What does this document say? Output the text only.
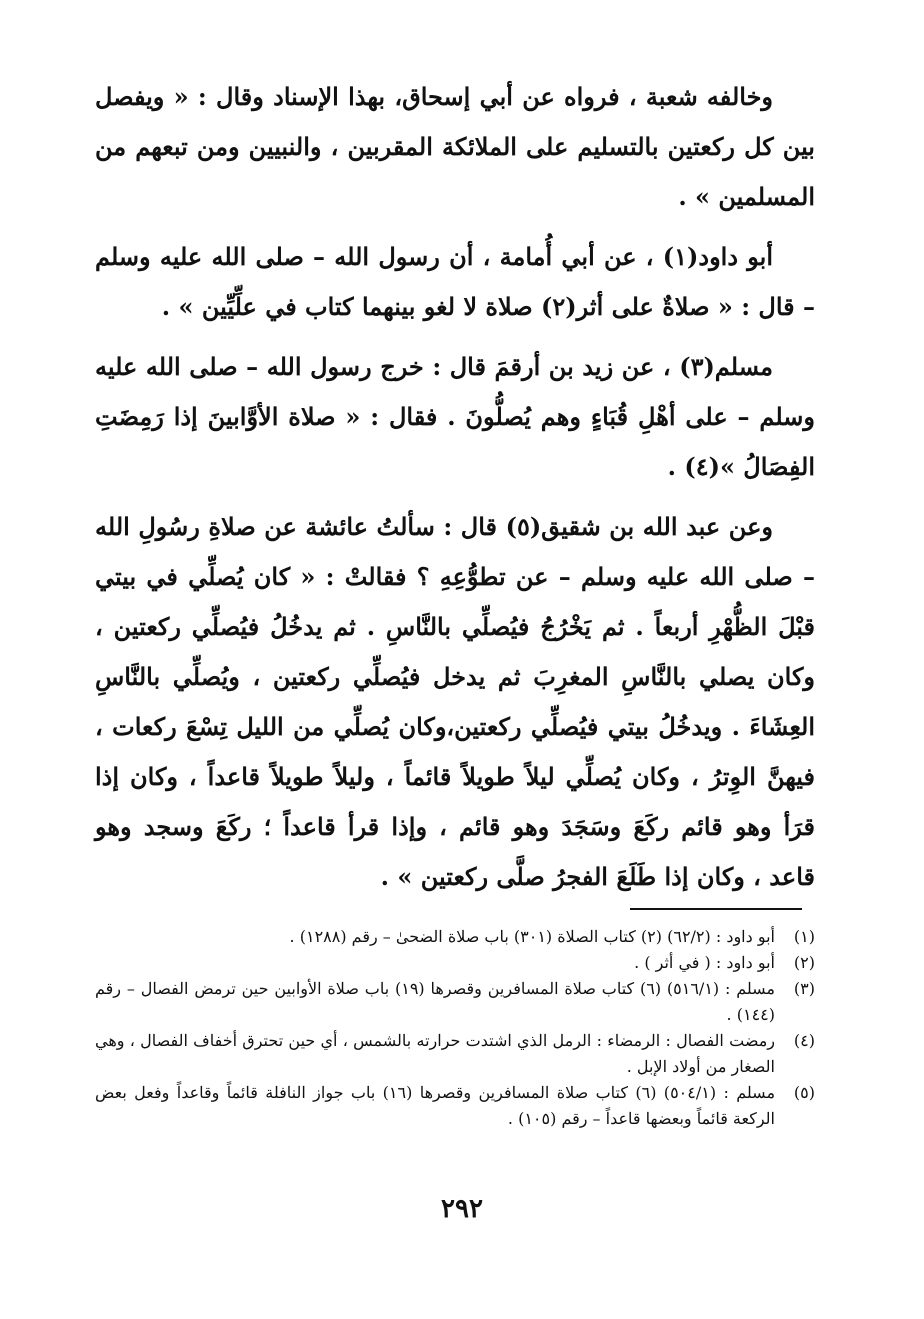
وخالفه شعبة ، فرواه عن أبي إسحاق، بهذا الإسناد وقال : « ويفصل بين كل ركعتين بالتسليم على الملائكة المقربين ، والنبيين ومن تبعهم من المسلمين » .

أبو داود(١) ، عن أبي أُمامة ، أن رسول الله – صلى الله عليه وسلم – قال : « صلاةٌ على أثر(٢) صلاة لا لغو بينهما كتاب في علِّيِّين » .

مسلم(٣) ، عن زيد بن أرقمَ قال : خرج رسول الله – صلى الله عليه وسلم – على أهْلِ قُبَاءٍ وهم يُصلُّونَ . فقال : « صلاة الأوَّابينَ إذا رَمِضَتِ الفِصَالُ »(٤) .

وعن عبد الله بن شقيق(٥) قال : سألتُ عائشة عن صلاةِ رسُولِ الله – صلى الله عليه وسلم – عن تطوُّعِهِ ؟ فقالتْ : « كان يُصلِّي في بيتي قبْلَ الظُّهْرِ أربعاً . ثم يَخْرُجُ فيُصلِّي بالنَّاسِ . ثم يدخُلُ فيُصلِّي ركعتين ، وكان يصلي بالنَّاسِ المغرِبَ ثم يدخل فيُصلِّي ركعتين ، ويُصلِّي بالنَّاسِ العِشَاءَ . ويدخُلُ بيتي فيُصلِّي ركعتين،وكان يُصلِّي من الليل تِسْعَ ركعات ، فيهنَّ الوِترُ ، وكان يُصلِّي ليلاً طويلاً قائماً ، وليلاً طويلاً قاعداً ، وكان إذا قرَأ وهو قائم ركَعَ وسَجَدَ وهو قائم ، وإذا قرأ قاعداً ؛ ركَعَ وسجد وهو قاعد ، وكان إذا طَلَعَ الفجرُ صلَّى ركعتين » .

(١)
أبو داود : (٦٢/٢) (٢) كتاب الصلاة (٣٠١) باب صلاة الضحىٰ – رقم (١٢٨٨) .
(٢)
أبو داود : ( في أثر ) .
(٣)
مسلم : (٥١٦/١) (٦) كتاب صلاة المسافرين وقصرها (١٩) باب صلاة الأوابين حين ترمض الفصال – رقم (١٤٤) .
(٤)
رمضت الفصال : الرمضاء : الرمل الذي اشتدت حرارته بالشمس ، أي حين تحترق أخفاف الفصال ، وهي الصغار من أولاد الإبل .
(٥)
مسلم : (٥٠٤/١) (٦) كتاب صلاة المسافرين وقصرها (١٦) باب جواز النافلة قائماً وقاعداً وفعل بعض الركعة قائماً وبعضها قاعداً – رقم (١٠٥) .
٢٩٢
